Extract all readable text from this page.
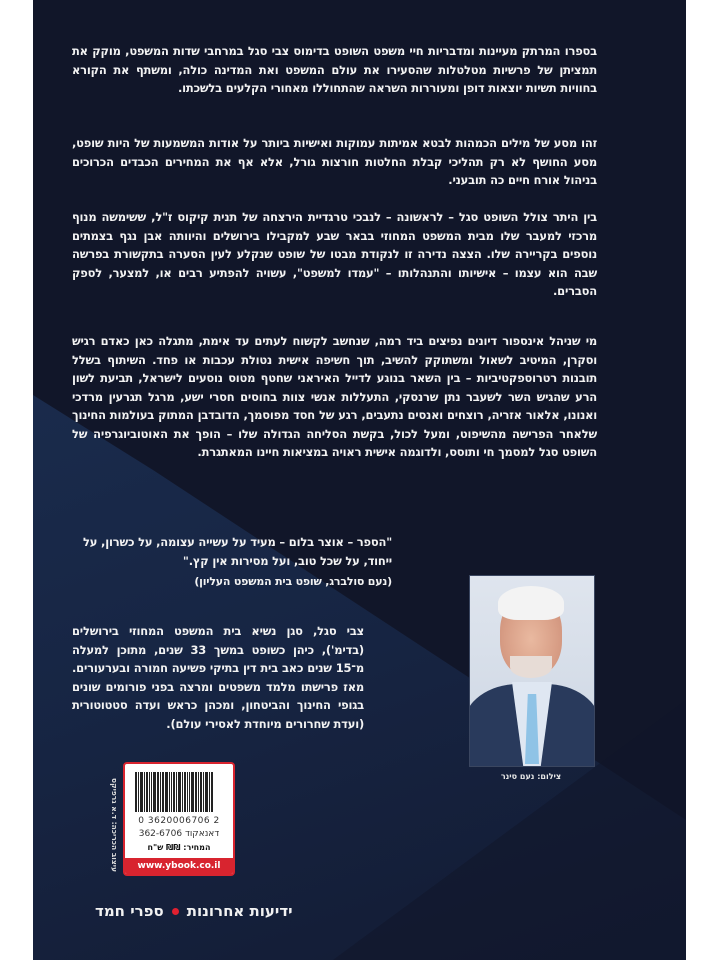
בספרו המרתק מעיינות ומדבריות חיי משפט השופט בדימוס צבי סגל במרחבי שדות המשפט, מוקק את תמציתן של פרשיות מטלטלות שהסעירו את עולם המשפט ואת המדינה כולה, ומשתף את הקורא בחוויות תשיות יוצאות דופן ומעוררות השראה שהתחוללו מאחורי הקלעים בלשכתו.

זהו מסע של מילים הכמהות לבטא אמיתות עמוקות ואישיות ביותר על אודות המשמעות של היות שופט, מסע החושף לא רק תהליכי קבלת החלטות חורצות גורל, אלא אף את המחירים הכבדים הכרוכים בניהול אורח חיים כה תובעני.

בין היתר צולל השופט סגל – לראשונה – לנבכי טרגדיית הירצחה של תנית קיקוס ז"ל, ששימשה מנוף מרכזי למעבר שלו מבית המשפט המחוזי בבאר שבע למקבילו בירושלים והיוותה אבן נגף בצמתים נוספים בקריירה שלו. הצצה נדירה זו לנקודת מבטו של שופט שנקלע לעין הסערה בתקשורת בפרשה שבה הוא עצמו – אישיותו והתנהלותו – "עמדו למשפט", עשויה להפתיע רבים או, למצער, לספק הסברים.

מי שניהל אינספור דיונים נפיצים ביד רמה, שנחשב לקשוח לעתים עד אימת, מתגלה כאן כאדם רגיש וסקרן, המיטיב לשאול ומשתוקק להשיב, תוך חשיפה אישית נטולת עכבות או פחד. השיתוף בשלל תובנות רטרוספקטיביות – בין השאר בנוגע לדייל האיראני שחטף מטוס נוסעים לישראל, תביעת לשון הרע שהגיש השר לשעבר נתן שרנסקי, התעללות אנשי צוות בחוסים חסרי ישע, מרגל תגרעין מרדכי ואנונו, אלאור אזריה, רוצחים ואנסים נתעבים, רגע של חסד מפוסמך, הדובדבן המתוק בעולמות החינוך שלאחר הפרישה מהשיפוט, ומעל לכול, בקשת הסליחה הגדולה שלו – הופך את האוטוביוגרפיה של השופט סגל למסמך חי ותוסס, ולדוגמה אישית ראויה במציאות חיינו המאתגרת.

"הספר – אוצר בלום – מעיד על עשייה עצומה, על כשרון, על ייחוד, על שכל טוב, ועל מסירות אין קץ."

(נעם סולברג, שופט בית המשפט העליון)

צבי סגל, סגן נשיא בית המשפט המחוזי בירושלים (בדימ'), כיהן כשופט במשך 33 שנים, מתוכן למעלה מ־15 שנים כאב בית דין בתיקי פשיעה חמורה ובערעורים. מאז פרישתו מלמד משפטים ומרצה בפני פורומים שונים בגופי החינוך והביטחון, ומכהן כראש ועדה סטטוטורית (ועדת שחרורים מיוחדת לאסירי עולם).

צילום: נעם סינר
עיצוב הכריכה: ד.א גרפיקס	0 3620006706 2
דאנאקוד 362-6706
המחיר: ₪₪ ש"ח
www.ybook.co.il
ידיעות אחרונות
ספרי חמד
